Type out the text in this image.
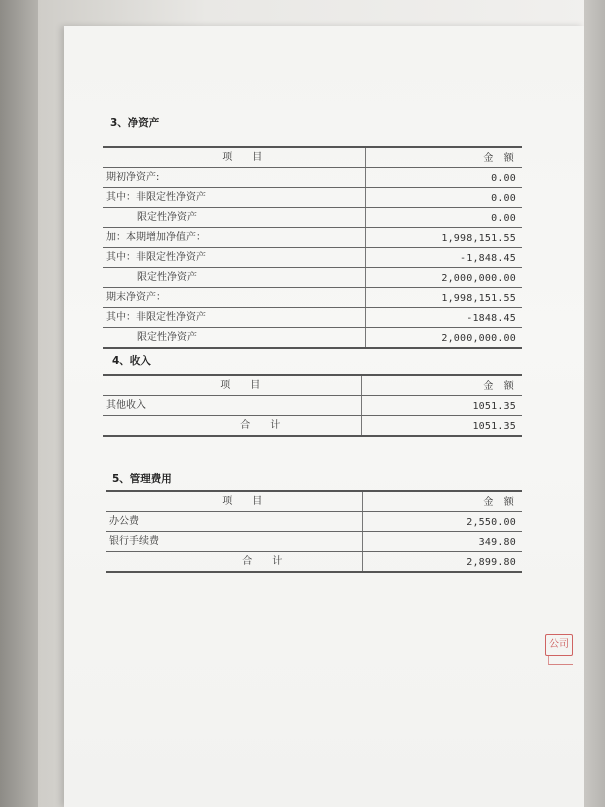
3、净资产
项　　目	金　额
期初净资产:	0.00
其中：非限定性净资产	0.00
限定性净资产	0.00
加：本期增加净值产：	1,998,151.55
其中：非限定性净资产	-1,848.45
限定性净资产	2,000,000.00
期末净资产：	1,998,151.55
其中：非限定性净资产	-1848.45
限定性净资产	2,000,000.00
4、收入
项　　目	金　额
其他收入	1051.35
合　　计	1051.35
5、管理费用
项　　目	金　额
办公费	2,550.00
银行手续费	349.80
合　　计	2,899.80
公司
